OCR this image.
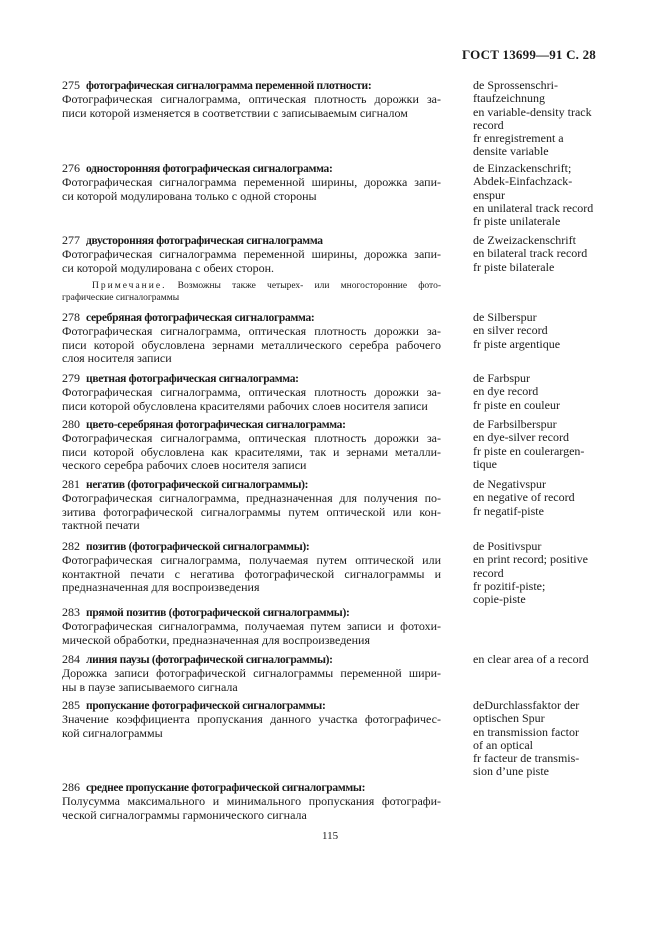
ГОСТ 13699—91 С. 28
275 фотографическая сигналограмма переменной плотности:
Фотографическая сигналограмма, оптическая плотность дорожки за-
писи которой изменяется в соответствии с записываемым сигналом
de Sprossenschri-
ftaufzeichnung
en variable-density track
record
fr enregistrement a
densite variable
276 односторонняя фотографическая сигналограмма:
Фотографическая сигналограмма переменной ширины, дорожка запи-
си которой модулирована только с одной стороны
de Einzackenschrift;
Abdek-Einfachzack-
enspur
en unilateral track record
fr piste unilaterale
277 двусторонняя фотографическая сигналограмма
Фотографическая сигналограмма переменной ширины, дорожка запи-
си которой модулирована с обеих сторон.
de Zweizackenschrift
en bilateral track record
fr piste bilaterale
278 серебряная фотографическая сигналограмма:
Фотографическая сигналограмма, оптическая плотность дорожки за-
писи которой обусловлена зернами металлического серебра рабочего
слоя носителя записи
de Silberspur
en silver record
fr piste argentique
279 цветная фотографическая сигналограмма:
Фотографическая сигналограмма, оптическая плотность дорожки за-
писи которой обусловлена красителями рабочих слоев носителя записи
de Farbspur
en dye record
fr piste en couleur
280 цвето-серебряная фотографическая сигналограмма:
Фотографическая сигналограмма, оптическая плотность дорожки за-
писи которой обусловлена как красителями, так и зернами металли-
ческого серебра рабочих слоев носителя записи
de Farbsilberspur
en dye-silver record
fr piste en coulerargen-
tique
281 негатив (фотографической сигналограммы):
Фотографическая сигналограмма, предназначенная для получения по-
зитива фотографической сигналограммы путем оптической или кон-
тактной печати
de Negativspur
en negative of record
fr negatif-piste
282 позитив (фотографической сигналограммы):
Фотографическая сигналограмма, получаемая путем оптической или
контактной печати с негатива фотографической сигналограммы и
предназначенная для воспроизведения
de Positivspur
en print record; positive
record
fr pozitif-piste;
copie-piste
283 прямой позитив (фотографической сигналограммы):
Фотографическая сигналограмма, получаемая путем записи и фотохи-
мической обработки, предназначенная для воспроизведения
284 линия паузы (фотографической сигналограммы):
Дорожка записи фотографической сигналограммы переменной шири-
ны в паузе записываемого сигнала
en clear area of a record
285 пропускание фотографической сигналограммы:
Значение коэффициента пропускания данного участка фотографичес-
кой сигналограммы
deDurchlassfaktor der
optischen Spur
en transmission factor
of an optical
fr facteur de transmis-
sion d’une piste
286 среднее пропускание фотографической сигналограммы:
Полусумма максимального и минимального пропускания фотографи-
ческой сигналограммы гармонического сигнала
Примечание. Возможны также четырех- или многосторонние фото-
графические сигналограммы
115
